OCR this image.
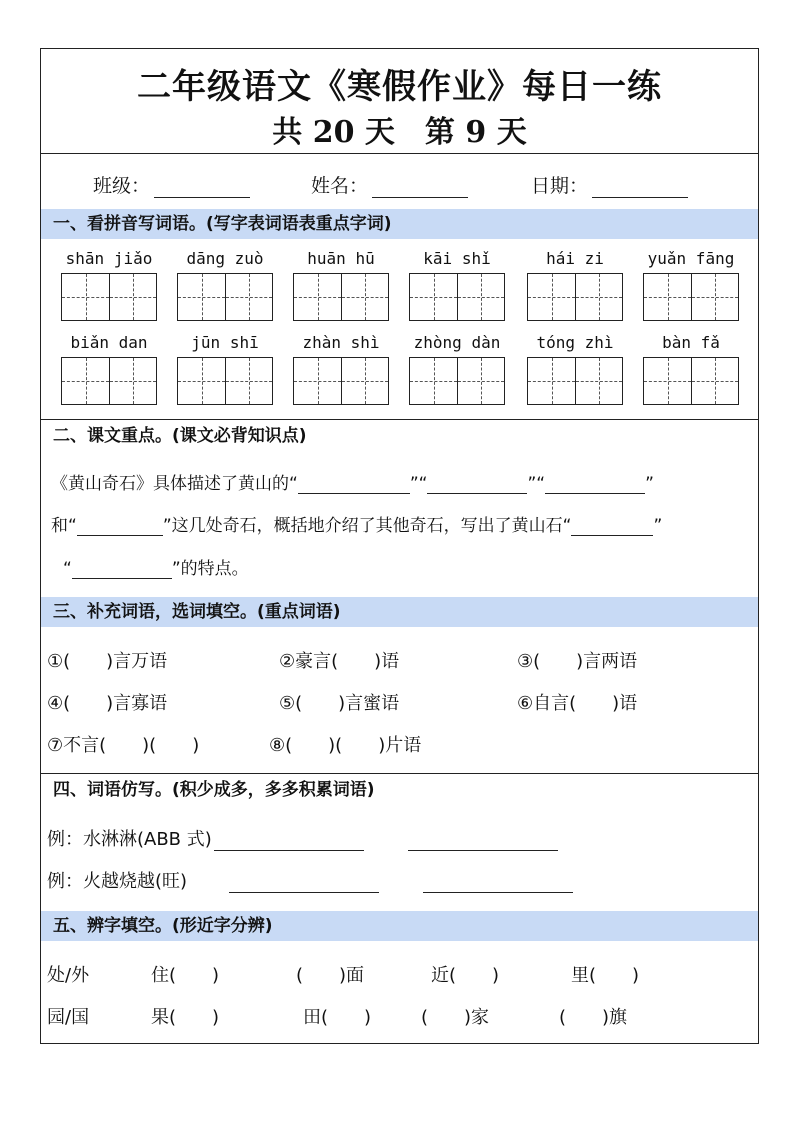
二年级语文《寒假作业》每日一练
共 20 天　第 9 天
班级：	姓名：	日期：
一、看拼音写词语。(写字表词语表重点字词)
shān jiǎo	dāng zuò	huān hū	kāi shǐ	hái zi	yuǎn fāng
biǎn dan	jūn shī	zhàn shì	zhòng dàn	tóng zhì	bàn fǎ
二、课文重点。(课文必背知识点)
《黄山奇石》具体描述了黄山的“	”“	”“	”
和“	”这几处奇石，概括地介绍了其他奇石，写出了黄山石“	”
“	”的特点。
三、补充词语，选词填空。(重点词语)
①(　　)言万语	②豪言(　　)语	③(　　)言两语
④(　　)言寡语	⑤(　　)言蜜语	⑥自言(　　)语
⑦不言(　　)(　　)	⑧(　　)(　　)片语
四、词语仿写。(积少成多，多多积累词语)
例：水淋淋(ABB 式)
例：火越烧越(旺)
五、辨字填空。(形近字分辨)
处/外	住(　　)	(　　)面	近(　　)	里(　　)
园/国	果(　　)	田(　　)	(　　)家	(　　)旗
